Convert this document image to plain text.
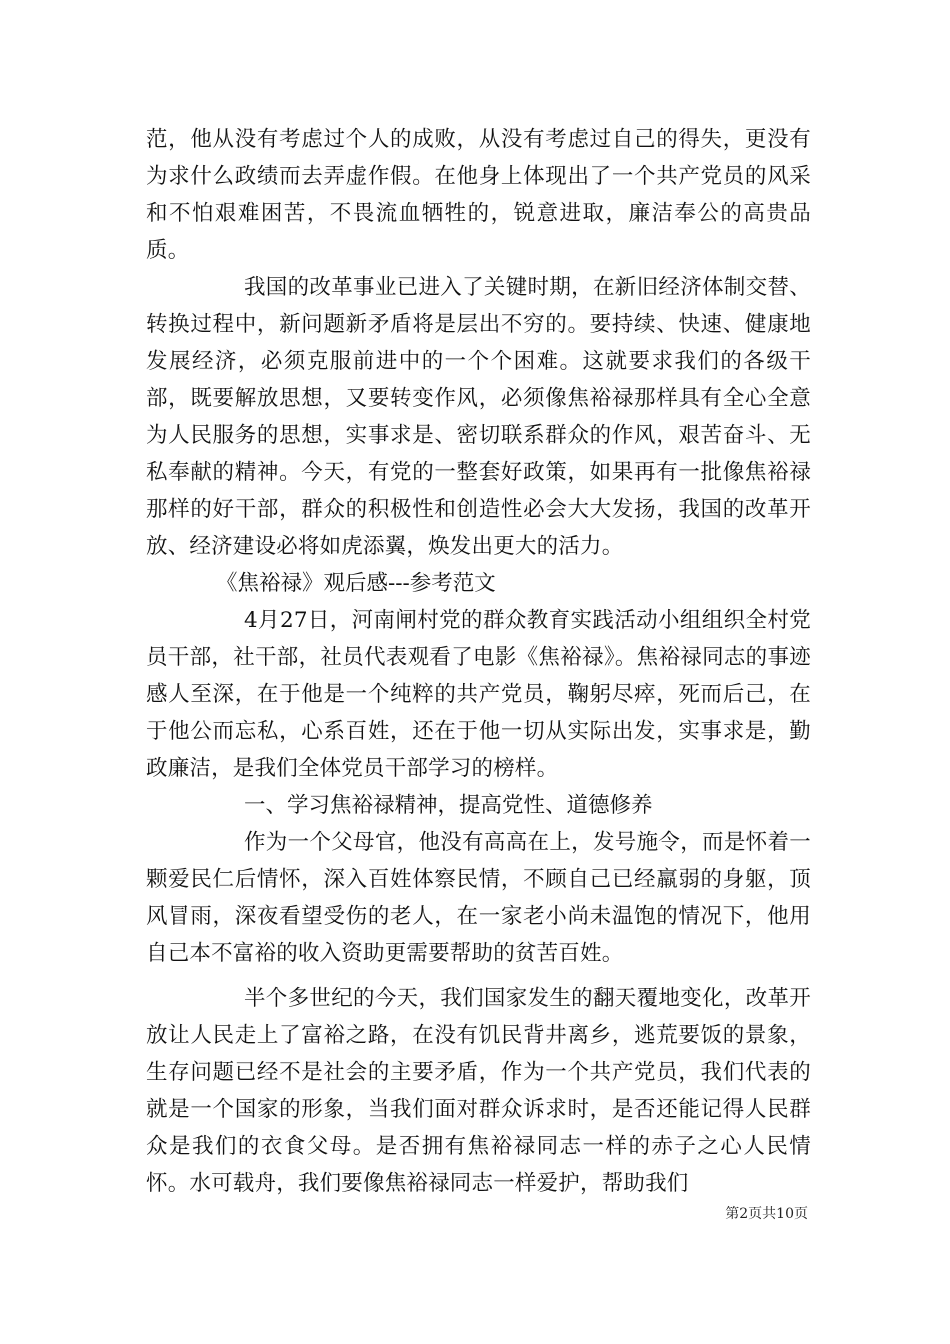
范，他从没有考虑过个人的成败，从没有考虑过自己的得失，更没有为求什么政绩而去弄虚作假。在他身上体现出了一个共产党员的风采和不怕艰难困苦，不畏流血牺牲的，锐意进取，廉洁奉公的高贵品质。

我国的改革事业已进入了关键时期，在新旧经济体制交替、转换过程中，新问题新矛盾将是层出不穷的。要持续、快速、健康地发展经济，必须克服前进中的一个个困难。这就要求我们的各级干部，既要解放思想，又要转变作风，必须像焦裕禄那样具有全心全意为人民服务的思想，实事求是、密切联系群众的作风，艰苦奋斗、无私奉献的精神。今天，有党的一整套好政策，如果再有一批像焦裕禄那样的好干部，群众的积极性和创造性必会大大发扬，我国的改革开放、经济建设必将如虎添翼，焕发出更大的活力。

《焦裕禄》观后感---参考范文

4月27日，河南闸村党的群众教育实践活动小组组织全村党员干部，社干部，社员代表观看了电影《焦裕禄》。焦裕禄同志的事迹感人至深，在于他是一个纯粹的共产党员，鞠躬尽瘁，死而后己，在于他公而忘私，心系百姓，还在于他一切从实际出发，实事求是，勤政廉洁，是我们全体党员干部学习的榜样。

一、学习焦裕禄精神，提高党性、道德修养

作为一个父母官，他没有高高在上，发号施令，而是怀着一颗爱民仁后情怀，深入百姓体察民情，不顾自己已经羸弱的身躯，顶风冒雨，深夜看望受伤的老人，在一家老小尚未温饱的情况下，他用自己本不富裕的收入资助更需要帮助的贫苦百姓。

半个多世纪的今天，我们国家发生的翻天覆地变化，改革开放让人民走上了富裕之路，在没有饥民背井离乡，逃荒要饭的景象，生存问题已经不是社会的主要矛盾，作为一个共产党员，我们代表的就是一个国家的形象，当我们面对群众诉求时，是否还能记得人民群众是我们的衣食父母。是否拥有焦裕禄同志一样的赤子之心人民情怀。水可载舟，我们要像焦裕禄同志一样爱护，帮助我们

第2页共10页
